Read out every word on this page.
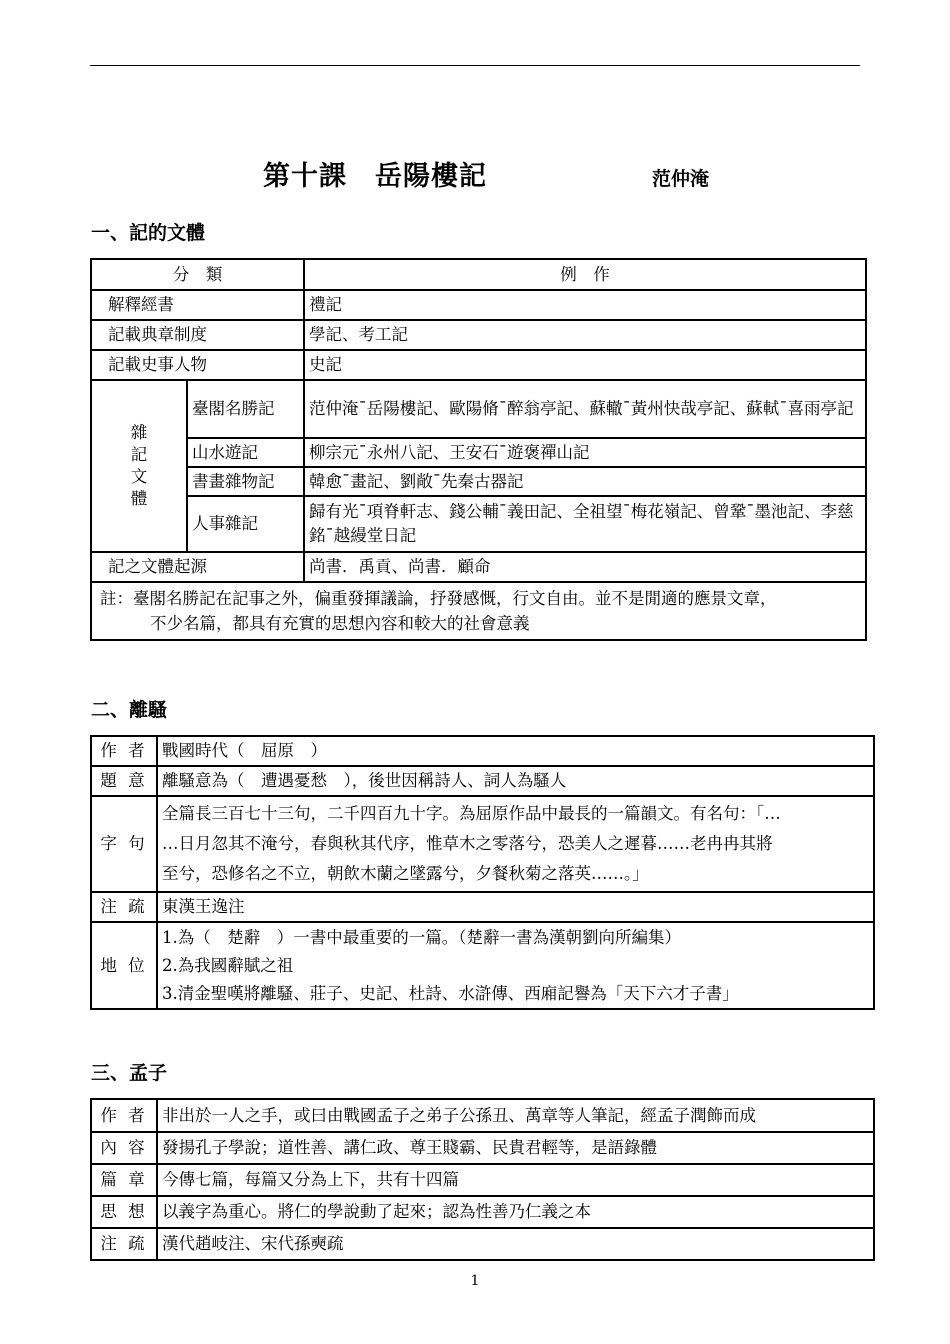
第十課　岳陽樓記	范仲淹
一、記的文體
分　類		例　作
解釋經書		禮記
記載典章制度		學記、考工記
記載史事人物		史記

雜
記
文
體	臺閣名勝記	范仲淹¯岳陽樓記、歐陽脩¯醉翁亭記、蘇轍¯黃州快哉亭記、蘇軾¯喜雨亭記
	山水遊記	柳宗元¯永州八記、王安石¯遊褒禪山記
	書畫雜物記	韓愈¯畫記、劉敞¯先秦古器記
	人事雜記	歸有光¯項脊軒志、錢公輔¯義田記、全祖望¯梅花嶺記、曾鞏¯墨池記、李慈銘¯越縵堂日記
記之文體起源		尚書．禹貢、尚書．顧命

註：臺閣名勝記在記事之外，偏重發揮議論，抒發感慨，行文自由。並不是閒適的應景文章，
不少名篇，都具有充實的思想內容和較大的社會意義		
二、離騷
作 者	戰國時代（　屈原　）
題 意	離騷意為（　遭遇憂愁　），後世因稱詩人、詞人為騷人
字 句	全篇長三百七十三句，二千四百九十字。為屈原作品中最長的一篇韻文。有名句：「…
…日月忽其不淹兮，春與秋其代序，惟草木之零落兮，恐美人之遲暮……老冉冉其將
至兮，恐修名之不立，朝飲木蘭之墜露兮，夕餐秋菊之落英……。」

注 疏	東漢王逸注
地 位	1.為（　楚辭　）一書中最重要的一篇。（楚辭一書為漢朝劉向所編集）
2.為我國辭賦之祖
3.清金聖嘆將離騷、莊子、史記、杜詩、水滸傳、西廂記譽為「天下六才子書」
三、孟子
作 者	非出於一人之手，或曰由戰國孟子之弟子公孫丑、萬章等人筆記，經孟子潤飾而成
內 容	發揚孔子學說；道性善、講仁政、尊王賤霸、民貴君輕等，是語錄體
篇 章	今傳七篇，每篇又分為上下，共有十四篇
思 想	以義字為重心。將仁的學說動了起來；認為性善乃仁義之本
注 疏	漢代趙岐注、宋代孫奭疏
1
